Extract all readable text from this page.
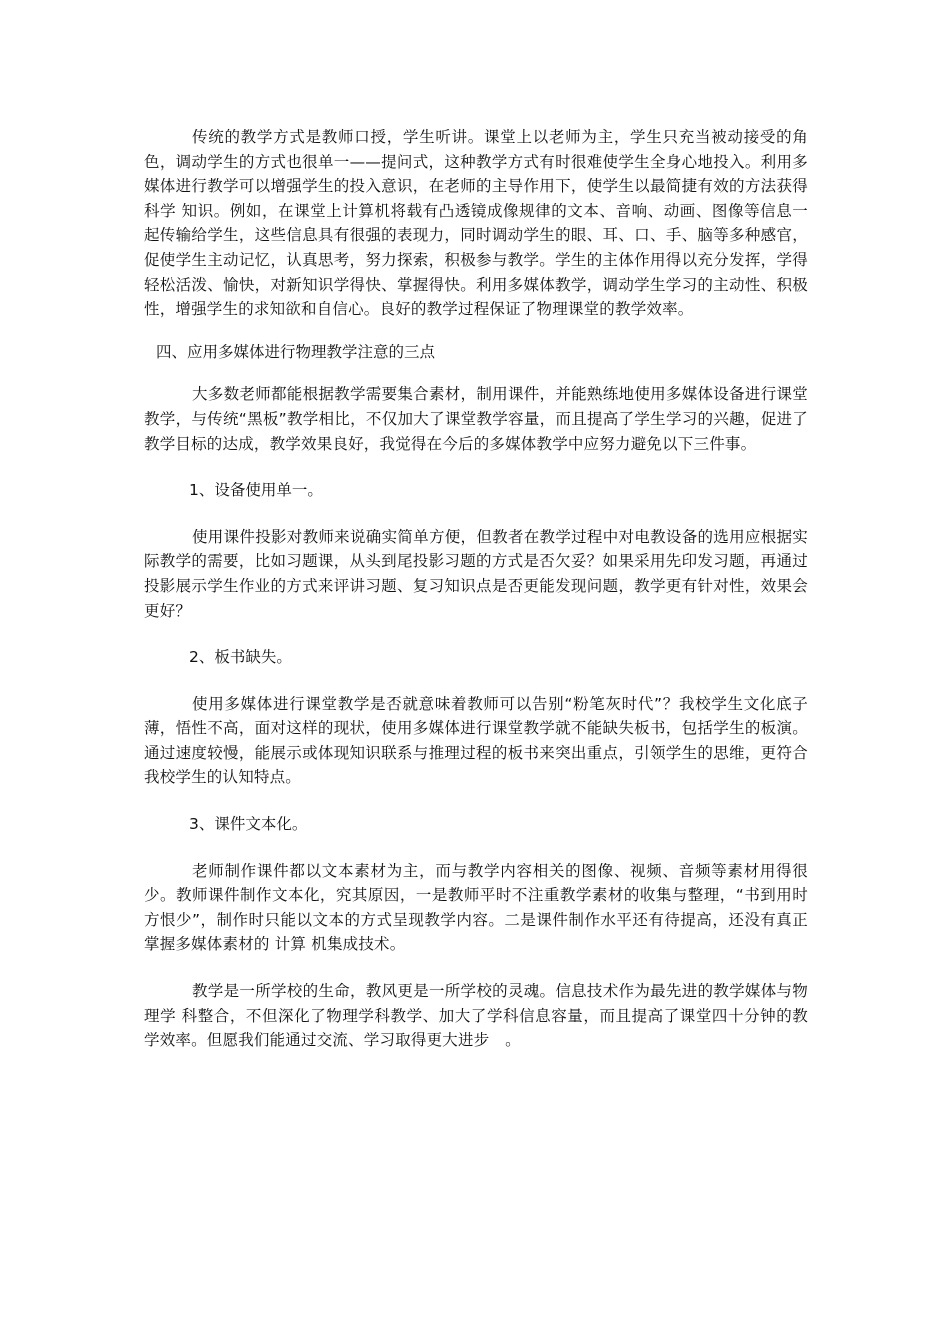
传统的教学方式是教师口授，学生听讲。课堂上以老师为主，学生只充当被动接受的角色，调动学生的方式也很单一——提问式，这种教学方式有时很难使学生全身心地投入。利用多媒体进行教学可以增强学生的投入意识，在老师的主导作用下，使学生以最简捷有效的方法获得 科学 知识。例如，在课堂上计算机将载有凸透镜成像规律的文本、音响、动画、图像等信息一起传输给学生，这些信息具有很强的表现力，同时调动学生的眼、耳、口、手、脑等多种感官，促使学生主动记忆，认真思考，努力探索，积极参与教学。学生的主体作用得以充分发挥，学得轻松活泼、愉快，对新知识学得快、掌握得快。利用多媒体教学，调动学生学习的主动性、积极性，增强学生的求知欲和自信心。良好的教学过程保证了物理课堂的教学效率。

四、应用多媒体进行物理教学注意的三点

大多数老师都能根据教学需要集合素材，制用课件，并能熟练地使用多媒体设备进行课堂教学，与传统“黑板”教学相比，不仅加大了课堂教学容量，而且提高了学生学习的兴趣，促进了教学目标的达成，教学效果良好，我觉得在今后的多媒体教学中应努力避免以下三件事。

1、设备使用单一。

使用课件投影对教师来说确实简单方便，但教者在教学过程中对电教设备的选用应根据实际教学的需要，比如习题课，从头到尾投影习题的方式是否欠妥？如果采用先印发习题，再通过投影展示学生作业的方式来评讲习题、复习知识点是否更能发现问题，教学更有针对性，效果会更好？

2、板书缺失。

使用多媒体进行课堂教学是否就意味着教师可以告别“粉笔灰时代”？我校学生文化底子薄，悟性不高，面对这样的现状，使用多媒体进行课堂教学就不能缺失板书，包括学生的板演。通过速度较慢，能展示或体现知识联系与推理过程的板书来突出重点，引领学生的思维，更符合我校学生的认知特点。

3、课件文本化。

老师制作课件都以文本素材为主，而与教学内容相关的图像、视频、音频等素材用得很少。教师课件制作文本化，究其原因，一是教师平时不注重教学素材的收集与整理，“书到用时方恨少”，制作时只能以文本的方式呈现教学内容。二是课件制作水平还有待提高，还没有真正掌握多媒体素材的 计算 机集成技术。

教学是一所学校的生命，教风更是一所学校的灵魂。信息技术作为最先进的教学媒体与物 理学 科整合，不但深化了物理学科教学、加大了学科信息容量，而且提高了课堂四十分钟的教学效率。但愿我们能通过交流、学习取得更大进步　。
